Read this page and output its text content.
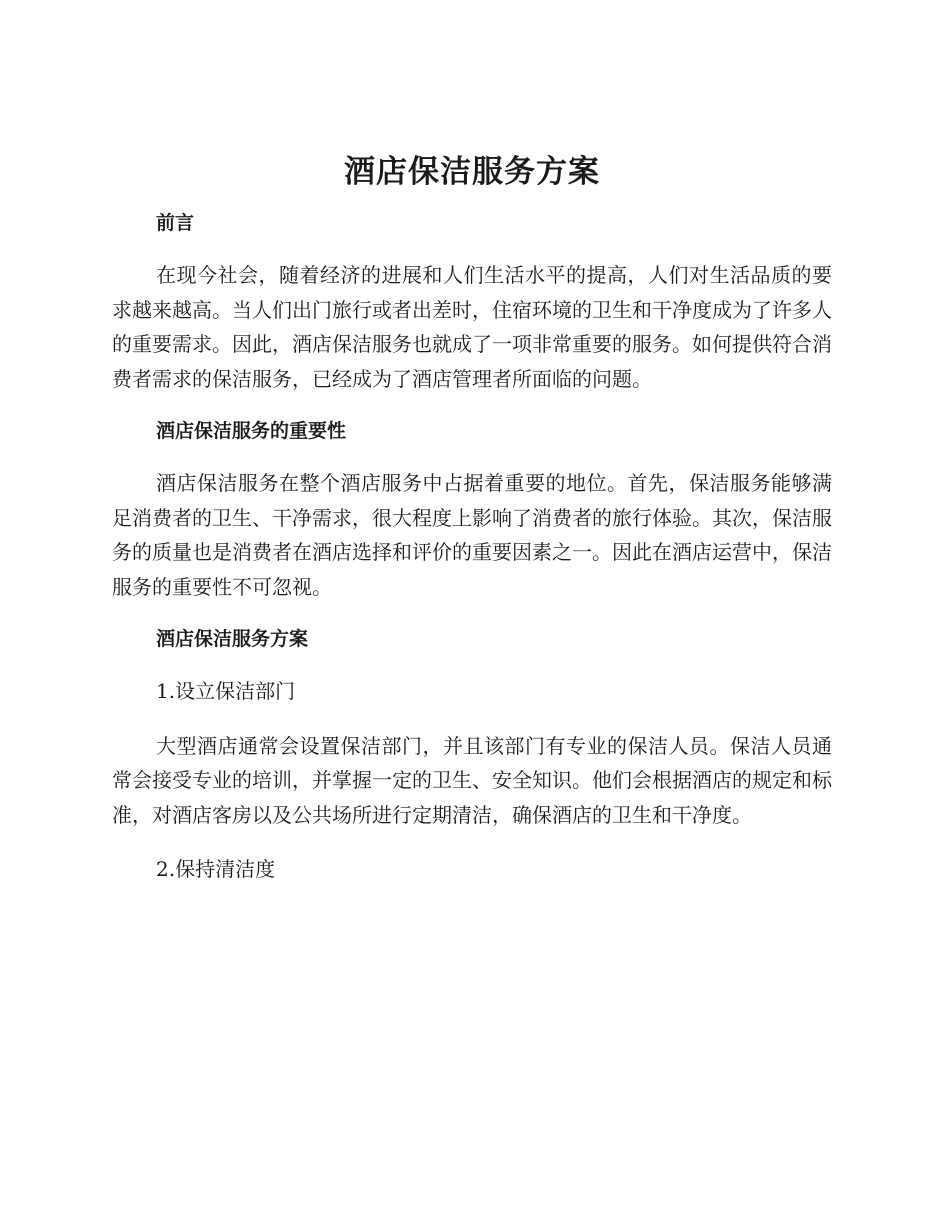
酒店保洁服务方案
前言

在现今社会，随着经济的进展和人们生活水平的提高，人们对生活品质的要求越来越高。当人们出门旅行或者出差时，住宿环境的卫生和干净度成为了许多人的重要需求。因此，酒店保洁服务也就成了一项非常重要的服务。如何提供符合消费者需求的保洁服务，已经成为了酒店管理者所面临的问题。

酒店保洁服务的重要性

酒店保洁服务在整个酒店服务中占据着重要的地位。首先，保洁服务能够满足消费者的卫生、干净需求，很大程度上影响了消费者的旅行体验。其次，保洁服务的质量也是消费者在酒店选择和评价的重要因素之一。因此在酒店运营中，保洁服务的重要性不可忽视。

酒店保洁服务方案

1.设立保洁部门

大型酒店通常会设置保洁部门，并且该部门有专业的保洁人员。保洁人员通常会接受专业的培训，并掌握一定的卫生、安全知识。他们会根据酒店的规定和标准，对酒店客房以及公共场所进行定期清洁，确保酒店的卫生和干净度。

2.保持清洁度
